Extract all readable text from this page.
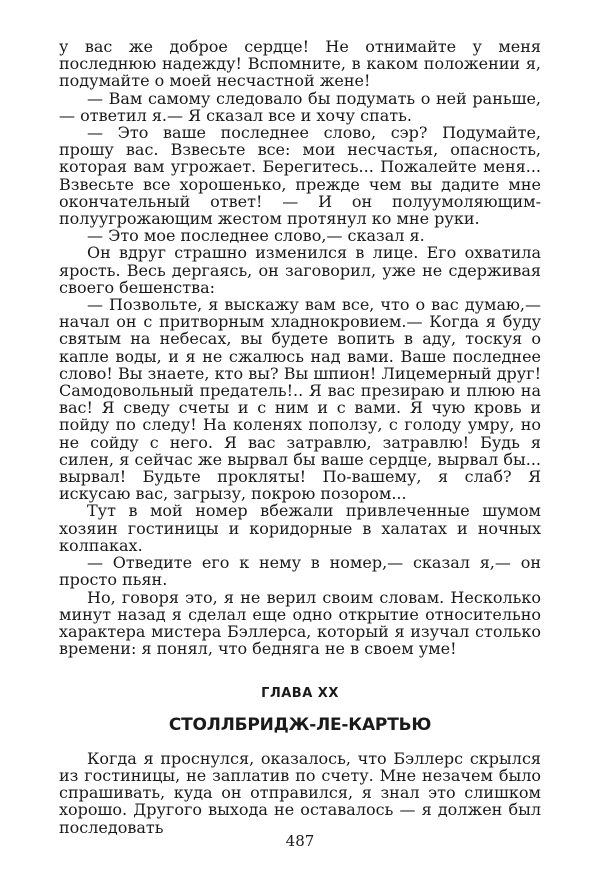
у вас же доброе сердце! Не отнимайте у меня последнюю надежду! Вспомните, в каком положении я, подумайте о моей несчастной жене!

— Вам самому следовало бы подумать о ней раньше,— ответил я.— Я сказал все и хочу спать.

— Это ваше последнее слово, сэр? Подумайте, прошу вас. Взвесьте все: мои несчастья, опасность, которая вам угрожает. Берегитесь... Пожалейте меня... Взвесьте все хорошенько, прежде чем вы дадите мне окончательный ответ! — И он полуумоляющим-полуугрожающим жестом протянул ко мне руки.

— Это мое последнее слово,— сказал я.

Он вдруг страшно изменился в лице. Его охватила ярость. Весь дергаясь, он заговорил, уже не сдерживая своего бешенства:

— Позвольте, я выскажу вам все, что о вас думаю,— начал он с притворным хладнокровием.— Когда я буду святым на небесах, вы будете вопить в аду, тоскуя о капле воды, и я не сжалюсь над вами. Ваше последнее слово! Вы знаете, кто вы? Вы шпион! Лицемерный друг! Самодовольный предатель!.. Я вас презираю и плюю на вас! Я сведу счеты и с ним и с вами. Я чую кровь и пойду по следу! На коленях поползу, с голоду умру, но не сойду с него. Я вас затравлю, затравлю! Будь я силен, я сейчас же вырвал бы ваше сердце, вырвал бы... вырвал! Будьте прокляты! По-вашему, я слаб? Я искусаю вас, загрызу, покрою позором...

Тут в мой номер вбежали привлеченные шумом хозяин гостиницы и коридорные в халатах и ночных колпаках.

— Отведите его к нему в номер,— сказал я,— он просто пьян.

Но, говоря это, я не верил своим словам. Несколько минут назад я сделал еще одно открытие относительно характера мистера Бэллерса, который я изучал столько времени: я понял, что бедняга не в своем уме!

ГЛАВА XX

СТОЛЛБРИДЖ-ЛЕ-КАРТЬЮ

Когда я проснулся, оказалось, что Бэллерс скрылся из гостиницы, не заплатив по счету. Мне незачем было спрашивать, куда он отправился, я знал это слишком хорошо. Другого выхода не оставалось — я должен был последовать

487
